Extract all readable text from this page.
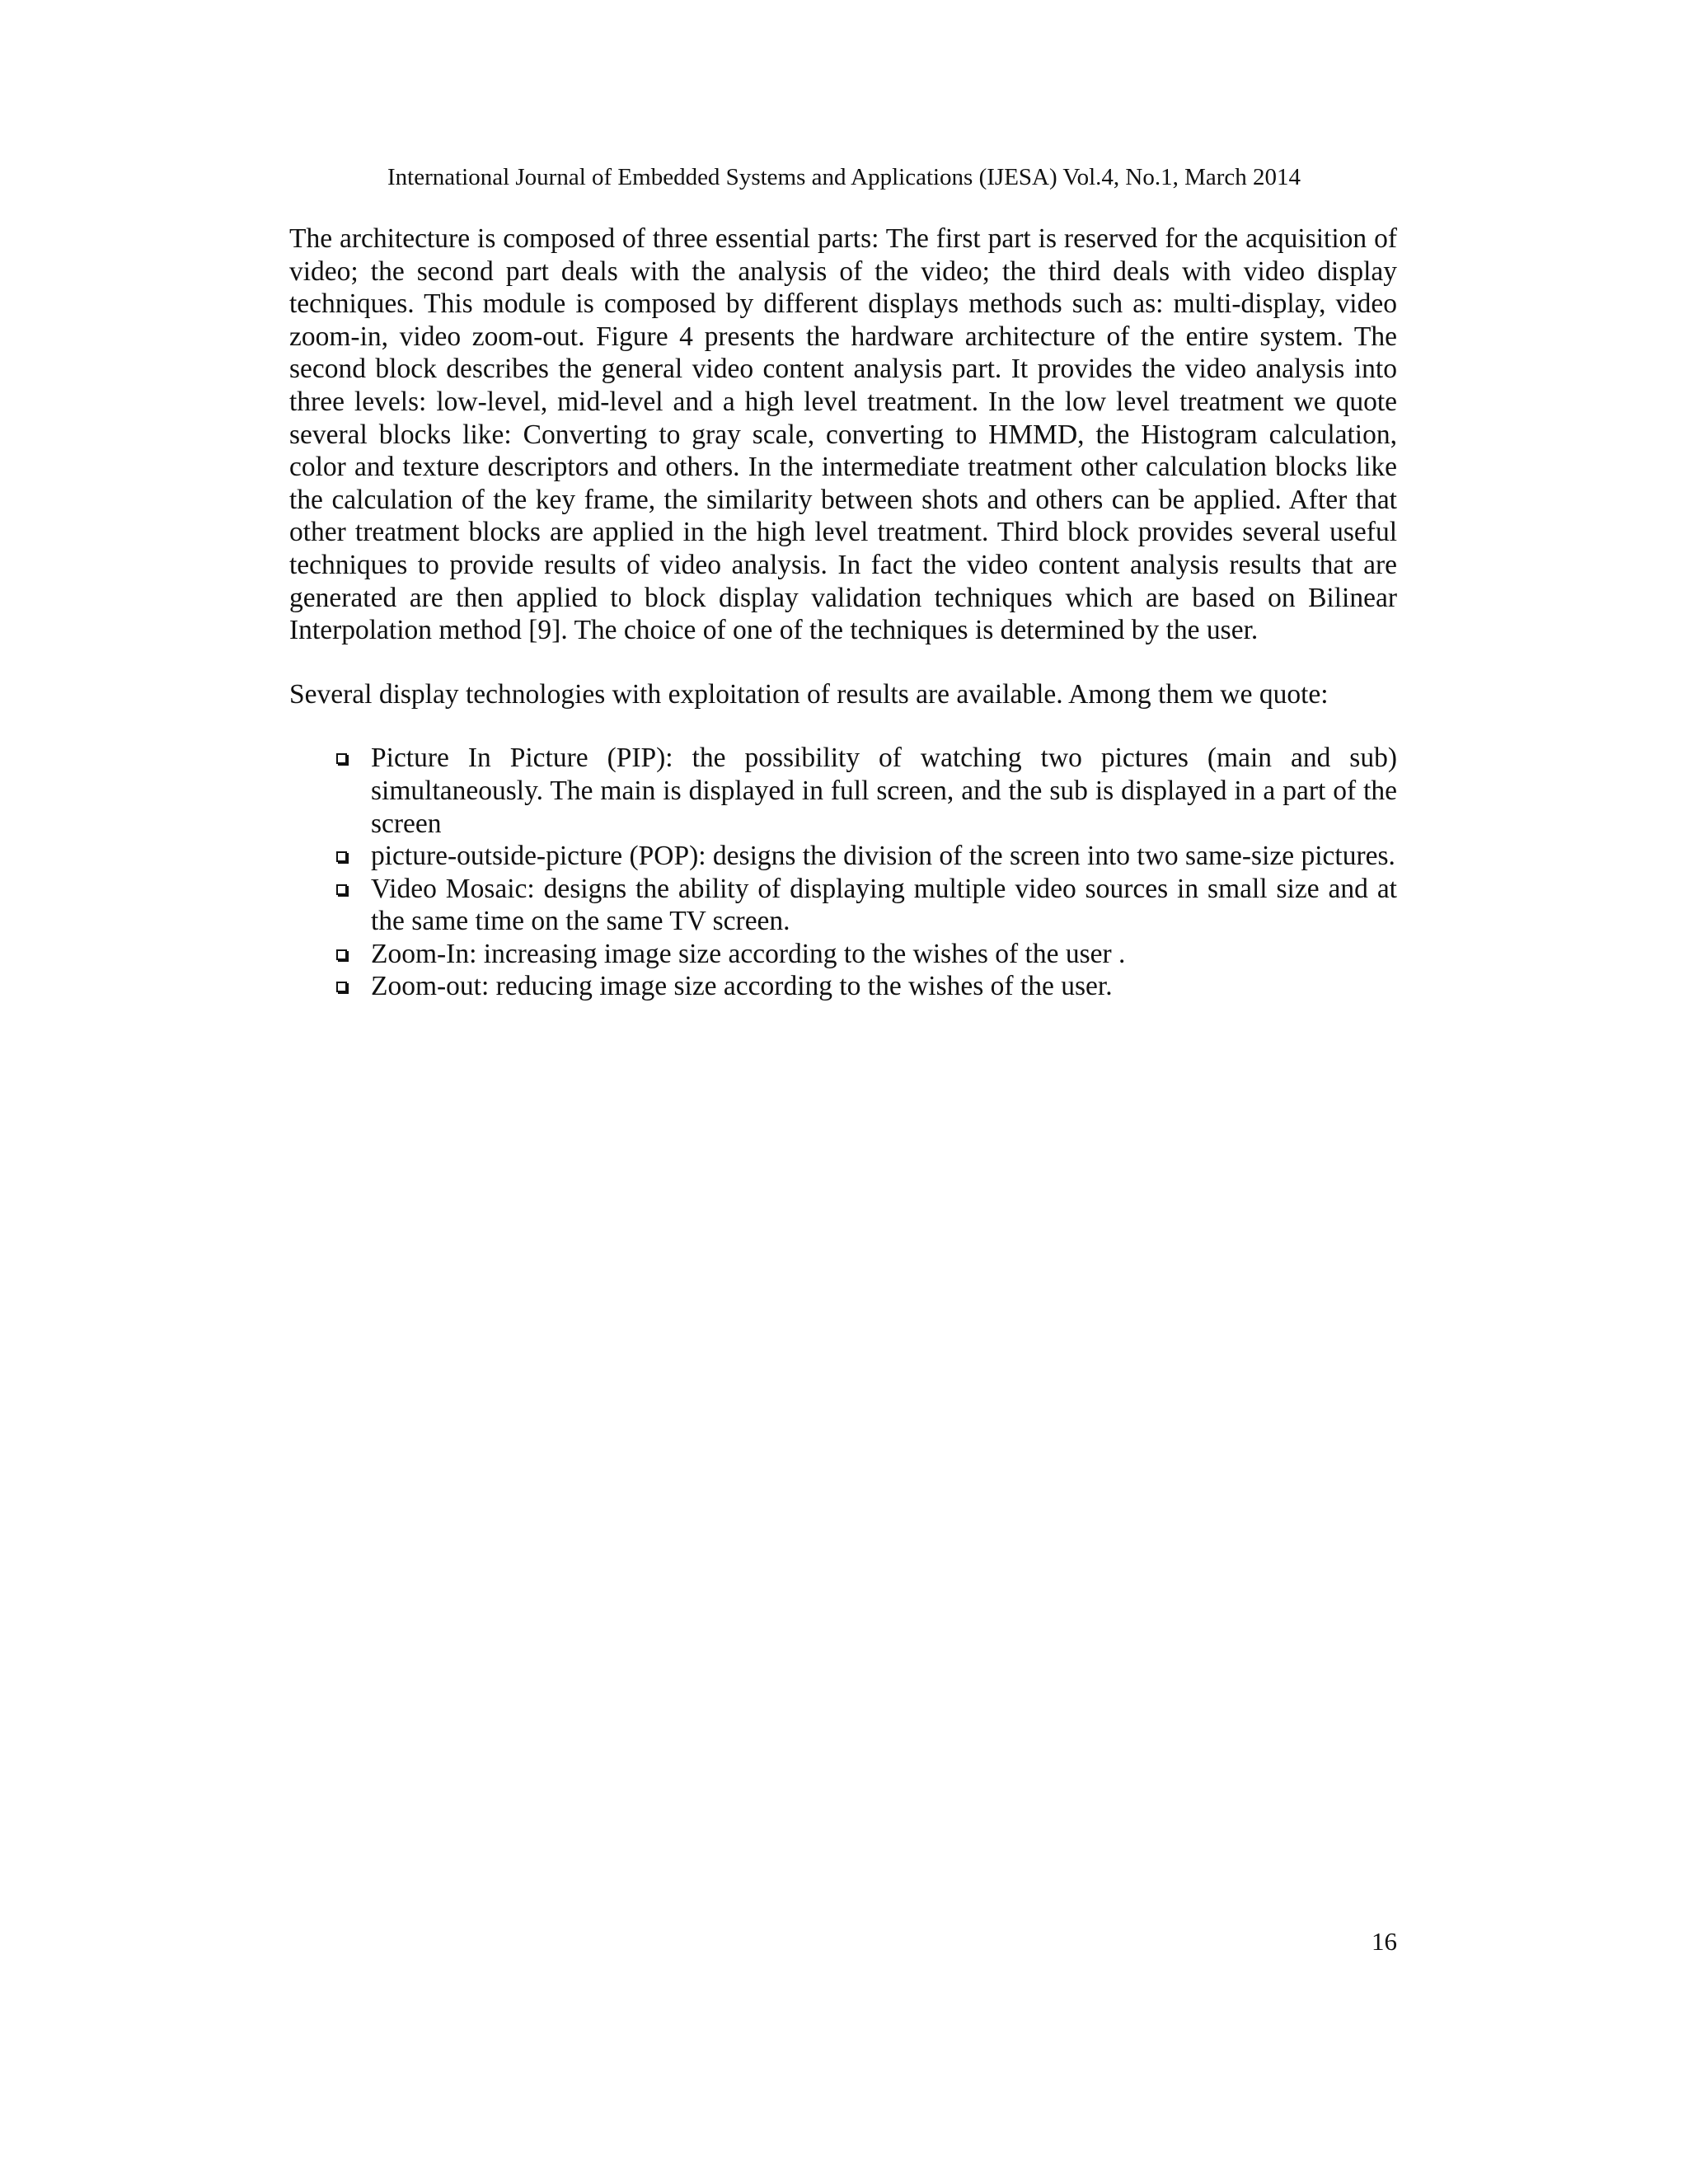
International Journal of Embedded Systems and Applications (IJESA) Vol.4, No.1, March 2014

The architecture is composed of three essential parts: The first part is reserved for the acquisition of video; the second part deals with the analysis of the video; the third deals with video display techniques. This module is composed by different displays methods such as: multi-display, video zoom-in, video zoom-out. Figure 4 presents the hardware architecture of the entire system. The second block describes the general video content analysis part. It provides the video analysis into three levels: low-level, mid-level and a high level treatment. In the low level treatment we quote several blocks like: Converting to gray scale, converting to HMMD, the Histogram calculation, color and texture descriptors and others. In the intermediate treatment other calculation blocks like the calculation of the key frame, the similarity between shots and others can be applied. After that other treatment blocks are applied in the high level treatment. Third block provides several useful techniques to provide results of video analysis. In fact the video content analysis results that are generated are then applied to block display validation techniques which are based on Bilinear Interpolation method [9]. The choice of one of the techniques is determined by the user.

Several display technologies with exploitation of results are available. Among them we quote:

Picture In Picture (PIP): the possibility of watching two pictures (main and sub) simultaneously. The main is displayed in full screen, and the sub is displayed in a part of the screen
picture-outside-picture (POP): designs the division of the screen into two same-size pictures.
Video Mosaic: designs the ability of displaying multiple video sources in small size and at the same time on the same TV screen.
Zoom-In: increasing image size according to the wishes of the user .
Zoom-out: reducing image size according to the wishes of the user.
16
